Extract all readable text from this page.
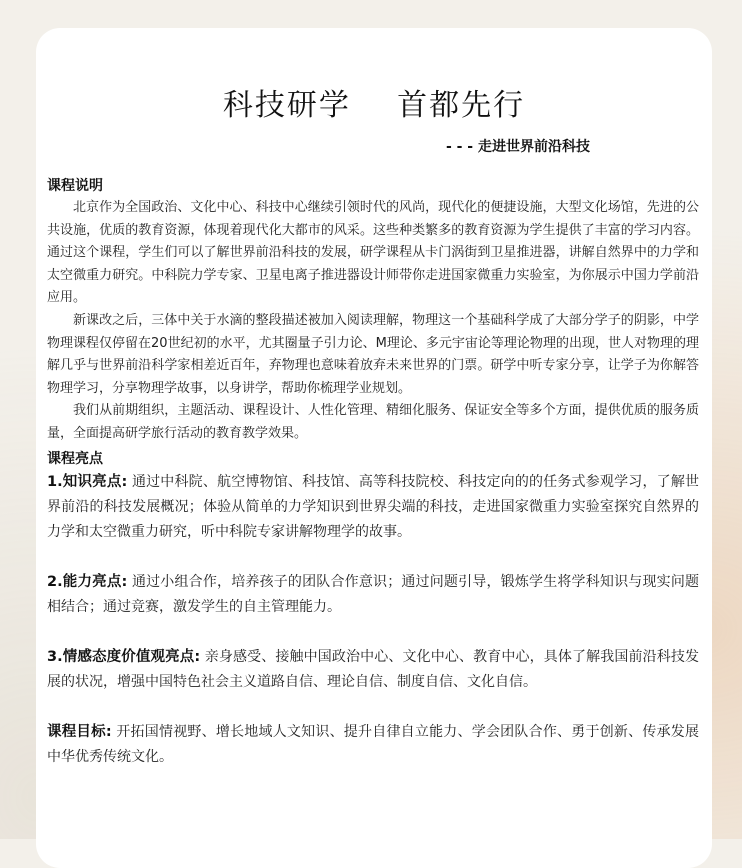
科技研学    首都先行
- - - 走进世界前沿科技
课程说明

北京作为全国政治、文化中心、科技中心继续引领时代的风尚，现代化的便捷设施，大型文化场馆，先进的公共设施，优质的教育资源，体现着现代化大都市的风采。这些种类繁多的教育资源为学生提供了丰富的学习内容。通过这个课程，学生们可以了解世界前沿科技的发展，研学课程从卡门涡街到卫星推进器，讲解自然界中的力学和太空微重力研究。中科院力学专家、卫星电离子推进器设计师带你走进国家微重力实验室，为你展示中国力学前沿应用。

新课改之后，三体中关于水滴的整段描述被加入阅读理解，物理这一个基础科学成了大部分学子的阴影，中学物理课程仅停留在20世纪初的水平，尤其圈量子引力论、M理论、多元宇宙论等理论物理的出现，世人对物理的理解几乎与世界前沿科学家相差近百年，弃物理也意味着放弃未来世界的门票。研学中听专家分享，让学子为你解答物理学习，分享物理学故事，以身讲学，帮助你梳理学业规划。

我们从前期组织，主题活动、课程设计、人性化管理、精细化服务、保证安全等多个方面，提供优质的服务质量，全面提高研学旅行活动的教育教学效果。

课程亮点

1.知识亮点: 通过中科院、航空博物馆、科技馆、高等科技院校、科技定向的的任务式参观学习，了解世界前沿的科技发展概况；体验从简单的力学知识到世界尖端的科技，走进国家微重力实验室探究自然界的力学和太空微重力研究，听中科院专家讲解物理学的故事。

2.能力亮点: 通过小组合作，培养孩子的团队合作意识；通过问题引导，锻炼学生将学科知识与现实问题相结合；通过竞赛，激发学生的自主管理能力。

3.情感态度价值观亮点: 亲身感受、接触中国政治中心、文化中心、教育中心，具体了解我国前沿科技发展的状况，增强中国特色社会主义道路自信、理论自信、制度自信、文化自信。

课程目标: 开拓国情视野、增长地域人文知识、提升自律自立能力、学会团队合作、勇于创新、传承发展中华优秀传统文化。
